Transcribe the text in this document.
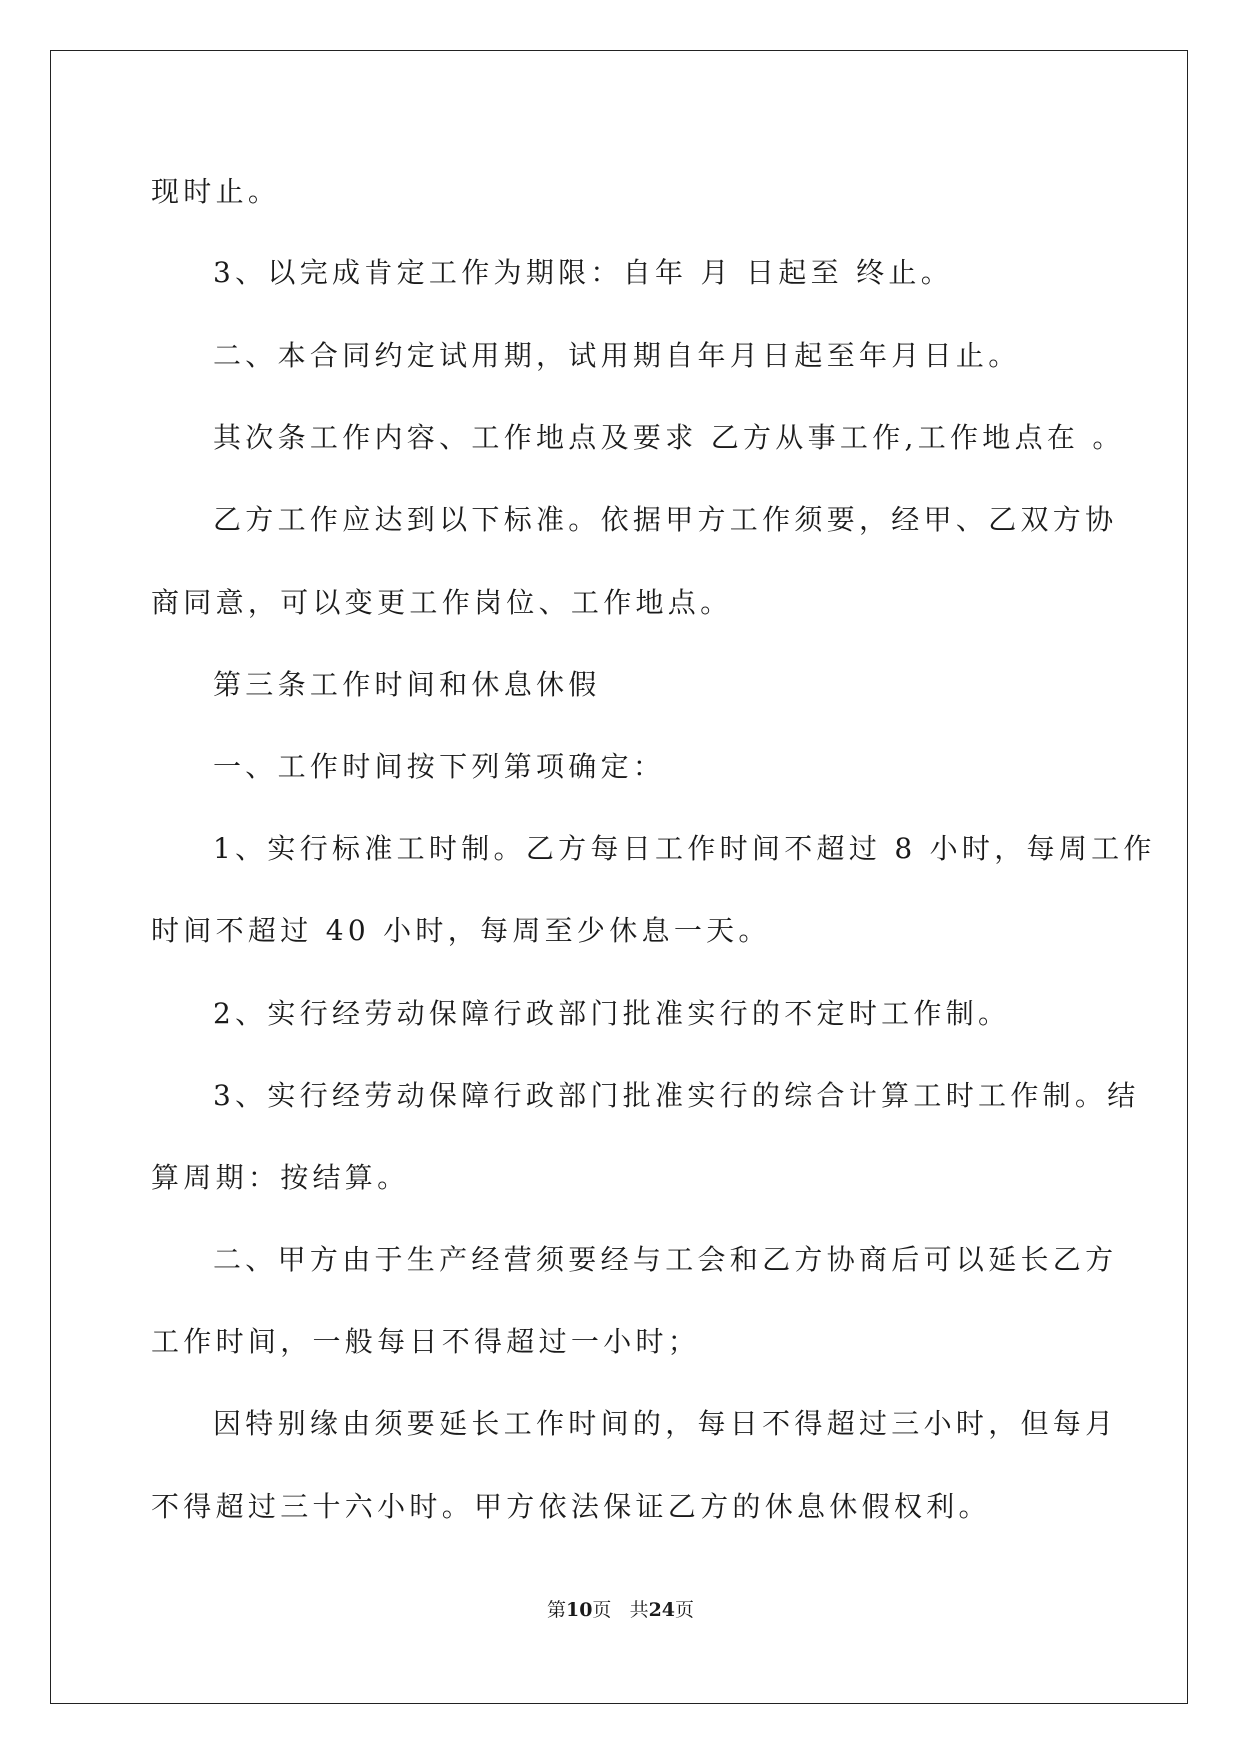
现时止。
3、以完成肯定工作为期限：自年 月 日起至 终止。
二、本合同约定试用期，试用期自年月日起至年月日止。
其次条工作内容、工作地点及要求 乙方从事工作,工作地点在 。
乙方工作应达到以下标准。依据甲方工作须要，经甲、乙双方协
商同意，可以变更工作岗位、工作地点。
第三条工作时间和休息休假
一、工作时间按下列第项确定：
1、实行标准工时制。乙方每日工作时间不超过 8 小时，每周工作
时间不超过 40 小时，每周至少休息一天。
2、实行经劳动保障行政部门批准实行的不定时工作制。
3、实行经劳动保障行政部门批准实行的综合计算工时工作制。结
算周期：按结算。
二、甲方由于生产经营须要经与工会和乙方协商后可以延长乙方
工作时间，一般每日不得超过一小时；
因特别缘由须要延长工作时间的，每日不得超过三小时，但每月
不得超过三十六小时。甲方依法保证乙方的休息休假权利。
第10页 共24页
